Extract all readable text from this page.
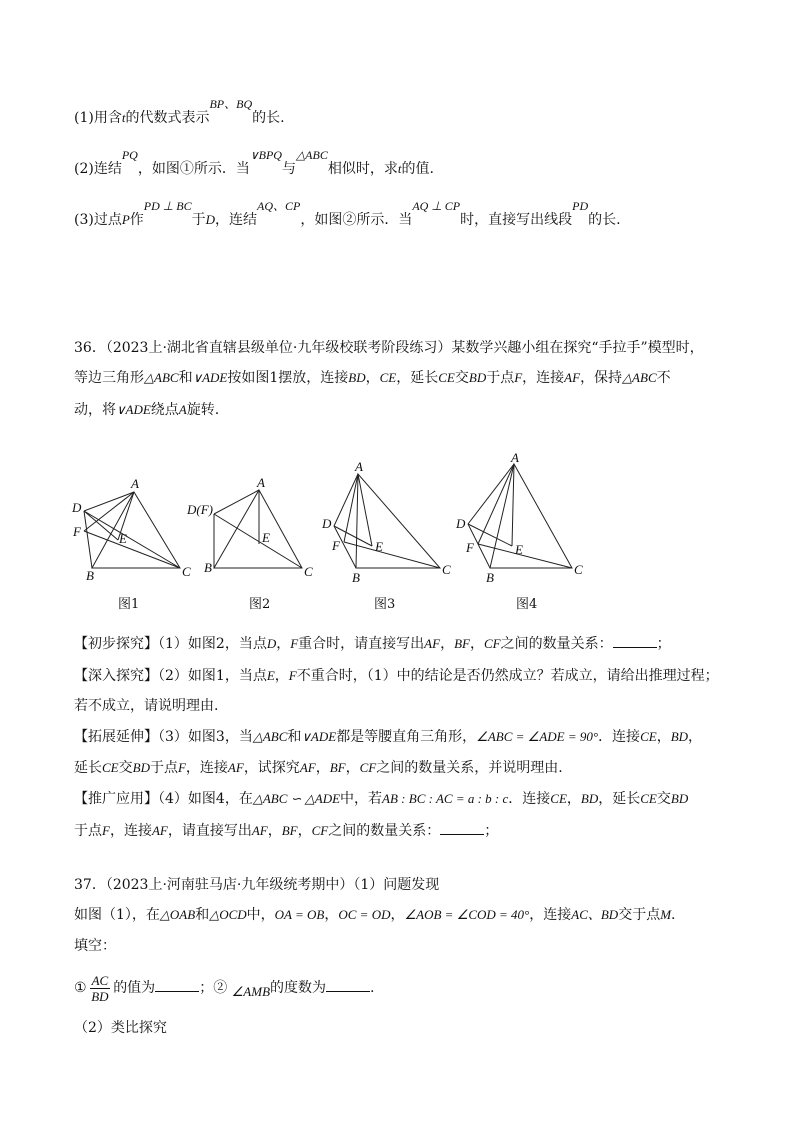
(1)用含t的代数式表示BP、BQ的长.
(2)连结PQ，如图①所示．当∨BPQ与△ABC相似时，求t的值.
(3)过点P作PD ⊥ BC于D，连结AQ、CP，如图②所示．当AQ ⊥ CP时，直接写出线段PD的长.
36．（2023上·湖北省直辖县级单位·九年级校联考阶段练习）某数学兴趣小组在探究“手拉手”模型时，
等边三角形△ABC和∨ADE按如图1摆放，连接BD，CE，延长CE交BD于点F，连接AF，保持△ABC不
动，将∨ADE绕点A旋转.
A
B	C
D
E
F
图1
A
B	C
D(F)
E
图2
A
B
C
D
E
F
图3
A
B
C
D
E
F
图4
【初步探究】（1）如图2，当点D，F重合时，请直接写出AF，BF，CF之间的数量关系：	；
【深入探究】（2）如图1，当点E，F不重合时，（1）中的结论是否仍然成立？若成立，请给出推理过程；
若不成立，请说明理由.
【拓展延伸】（3）如图3，当△ABC和∨ADE都是等腰直角三角形，∠ABC = ∠ADE = 90°．连接CE，BD，
延长CE交BD于点F，连接AF，试探究AF，BF，CF之间的数量关系，并说明理由.
【推广应用】（4）如图4，在△ABC ∽ △ADE中，若AB : BC : AC = a : b : c．连接CE，BD，延长CE交BD
于点F，连接AF，请直接写出AF，BF，CF之间的数量关系：	；
37．（2023上·河南驻马店·九年级统考期中）（1）问题发现
如图（1），在△OAB和△OCD中，OA = OB，OC = OD，∠AOB = ∠COD = 40°，连接AC、BD交于点M.
填空：
① $\frac{AC}{BD}$ 的值为	；② ∠AMB的度数为	.
（2）类比探究
